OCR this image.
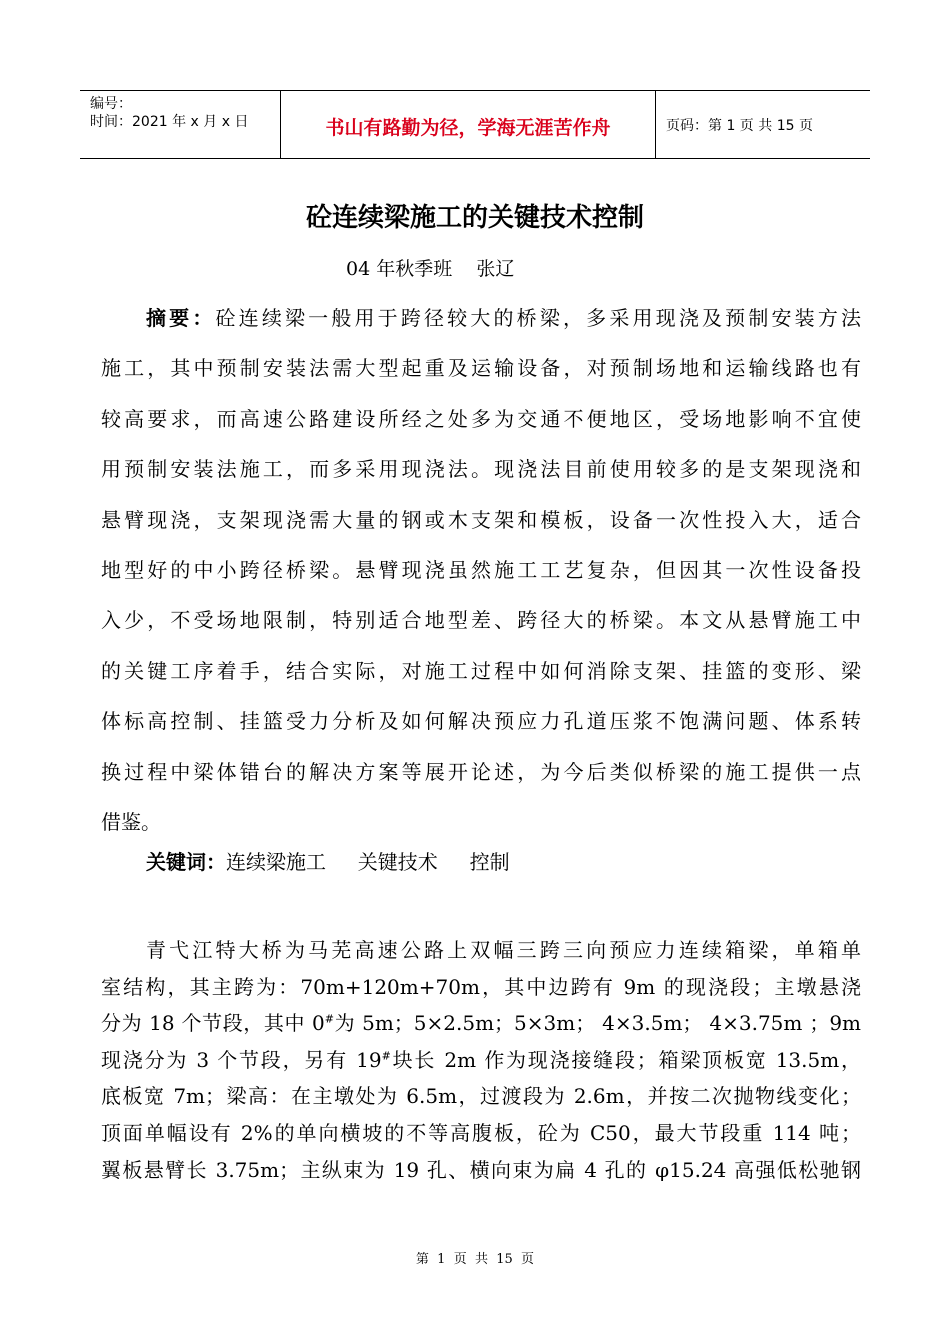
编号：
时间：2021 年 x 月 x 日	书山有路勤为径，学海无涯苦作舟	页码：第 1 页 共 15 页
砼连续梁施工的关键技术控制
04 年秋季班    张辽
摘要：砼连续梁一般用于跨径较大的桥梁，多采用现浇及预制安装方法
施工，其中预制安装法需大型起重及运输设备，对预制场地和运输线路也有
较高要求，而高速公路建设所经之处多为交通不便地区，受场地影响不宜使
用预制安装法施工，而多采用现浇法。现浇法目前使用较多的是支架现浇和
悬臂现浇，支架现浇需大量的钢或木支架和模板，设备一次性投入大，适合
地型好的中小跨径桥梁。悬臂现浇虽然施工工艺复杂，但因其一次性设备投
入少，不受场地限制，特别适合地型差、跨径大的桥梁。本文从悬臂施工中
的关键工序着手，结合实际，对施工过程中如何消除支架、挂篮的变形、梁
体标高控制、挂篮受力分析及如何解决预应力孔道压浆不饱满问题、体系转
换过程中梁体错台的解决方案等展开论述，为今后类似桥梁的施工提供一点
借鉴。
关键词：连续梁施工     关键技术     控制
青弋江特大桥为马芜高速公路上双幅三跨三向预应力连续箱梁，单箱单
室结构，其主跨为：70m+120m+70m，其中边跨有 9m 的现浇段；主墩悬浇
分为 18 个节段，其中 0#为 5m；5×2.5m；5×3m； 4×3.5m； 4×3.75m ；9m
现浇分为 3 个节段，另有 19#块长 2m 作为现浇接缝段；箱梁顶板宽 13.5m，
底板宽 7m；梁高：在主墩处为 6.5m，过渡段为 2.6m，并按二次抛物线变化；
顶面单幅设有 2%的单向横坡的不等高腹板，砼为 C50，最大节段重 114 吨；
翼板悬臂长 3.75m；主纵束为 19 孔、横向束为扁 4 孔的 φ15.24 高强低松驰钢
第  1  页  共  15  页
